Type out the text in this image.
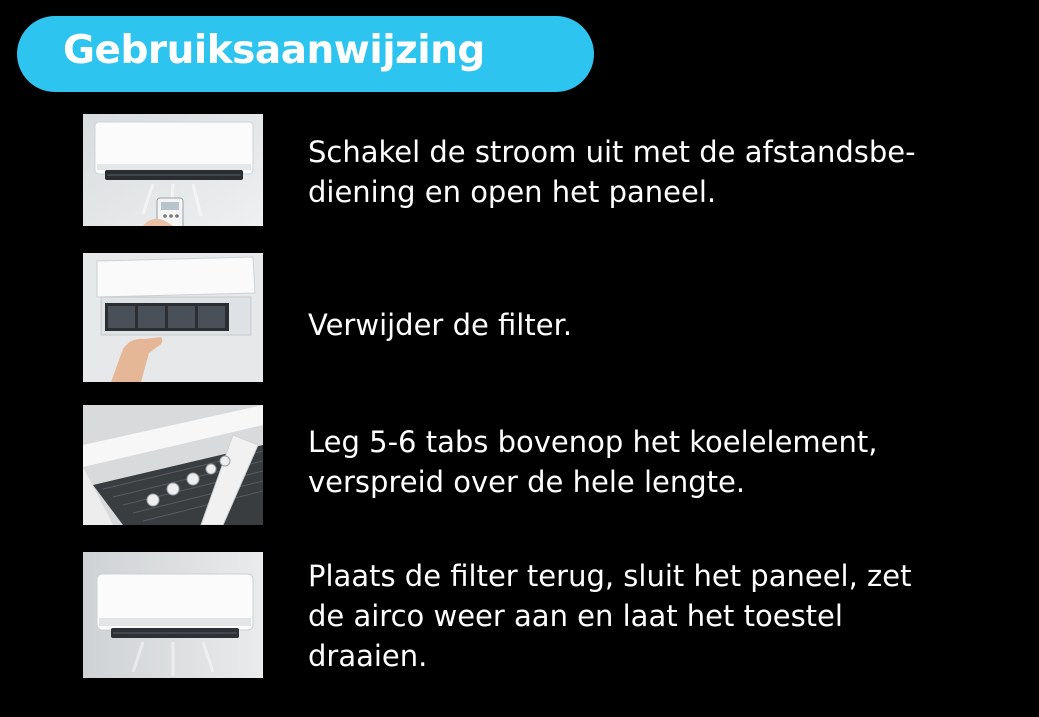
Gebruiksaanwijzing
Schakel de stroom uit met de afstandsbe-
diening en open het paneel.
Verwijder de filter.
Leg 5-6 tabs bovenop het koelelement,
verspreid over de hele lengte.
Plaats de filter terug, sluit het paneel, zet
de airco weer aan en laat het toestel
draaien.
